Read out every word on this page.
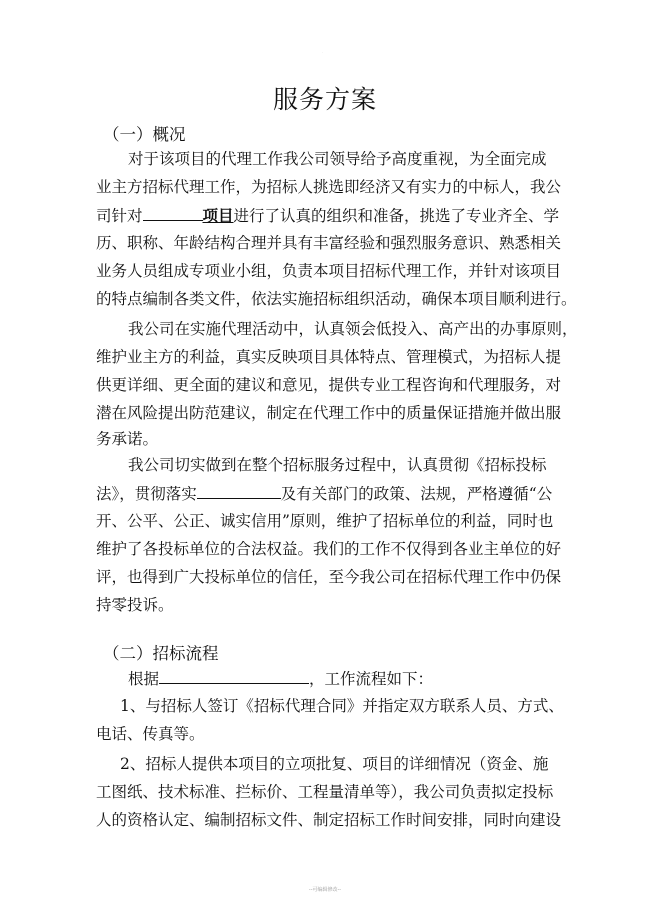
·
服务方案
（一）概况
对于该项目的代理工作我公司领导给予高度重视，为全面完成
业主方招标代理工作，为招标人挑选即经济又有实力的中标人，我公
司针对	项目进行了认真的组织和准备，挑选了专业齐全、学
历、职称、年龄结构合理并具有丰富经验和强烈服务意识、熟悉相关
业务人员组成专项业小组，负责本项目招标代理工作，并针对该项目
的特点编制各类文件，依法实施招标组织活动，确保本项目顺利进行。
我公司在实施代理活动中，认真领会低投入、高产出的办事原则，
维护业主方的利益，真实反映项目具体特点、管理模式，为招标人提
供更详细、更全面的建议和意见，提供专业工程咨询和代理服务，对
潜在风险提出防范建议，制定在代理工作中的质量保证措施并做出服
务承诺。
我公司切实做到在整个招标服务过程中，认真贯彻《招标投标
法》，贯彻落实	及有关部门的政策、法规，严格遵循“公
开、公平、公正、诚实信用”原则，维护了招标单位的利益，同时也
维护了各投标单位的合法权益。我们的工作不仅得到各业主单位的好
评，也得到广大投标单位的信任，至今我公司在招标代理工作中仍保
持零投诉。
（二）招标流程
根据	，工作流程如下：
1、与招标人签订《招标代理合同》并指定双方联系人员、方式、
电话、传真等。
2、招标人提供本项目的立项批复、项目的详细情况（资金、施
工图纸、技术标准、拦标价、工程量清单等），我公司负责拟定投标
人的资格认定、编制招标文件、制定招标工作时间安排，同时向建设
--可编辑修改--
